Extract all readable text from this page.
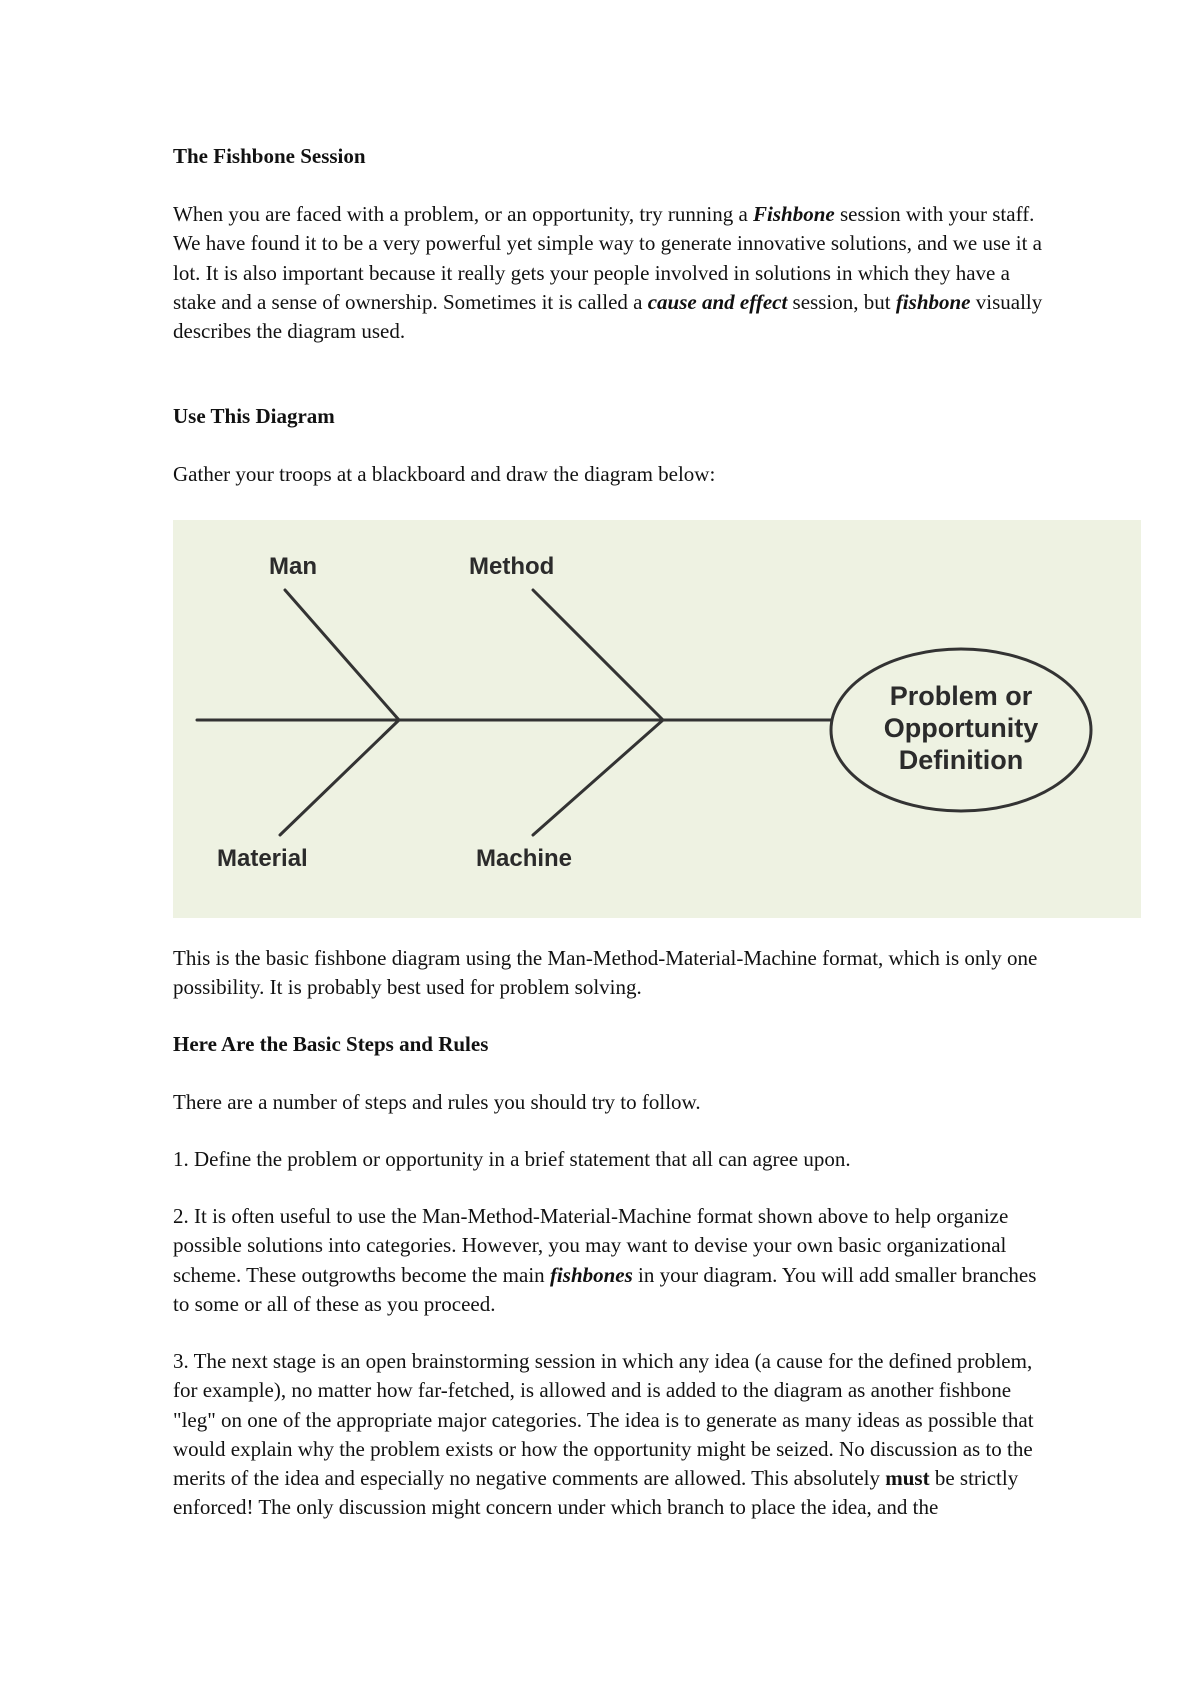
The Fishbone Session
When you are faced with a problem, or an opportunity, try running a Fishbone session with your staff. We have found it to be a very powerful yet simple way to generate innovative solutions, and we use it a lot. It is also important because it really gets your people involved in solutions in which they have a stake and a sense of ownership. Sometimes it is called a cause and effect session, but fishbone visually describes the diagram used.
Use This Diagram
Gather your troops at a blackboard and draw the diagram below:
This is the basic fishbone diagram using the Man-Method-Material-Machine format, which is only one possibility. It is probably best used for problem solving.
Here Are the Basic Steps and Rules
There are a number of steps and rules you should try to follow.
1. Define the problem or opportunity in a brief statement that all can agree upon.
2. It is often useful to use the Man-Method-Material-Machine format shown above to help organize possible solutions into categories. However, you may want to devise your own basic organizational scheme. These outgrowths become the main fishbones in your diagram. You will add smaller branches to some or all of these as you proceed.
3. The next stage is an open brainstorming session in which any idea (a cause for the defined problem, for example), no matter how far-fetched, is allowed and is added to the diagram as another fishbone "leg" on one of the appropriate major categories. The idea is to generate as many ideas as possible that would explain why the problem exists or how the opportunity might be seized. No discussion as to the merits of the idea and especially no negative comments are allowed. This absolutely must be strictly enforced! The only discussion might concern under which branch to place the idea, and the
Man	Method
Material	Machine
Problem or
Opportunity
Definition
